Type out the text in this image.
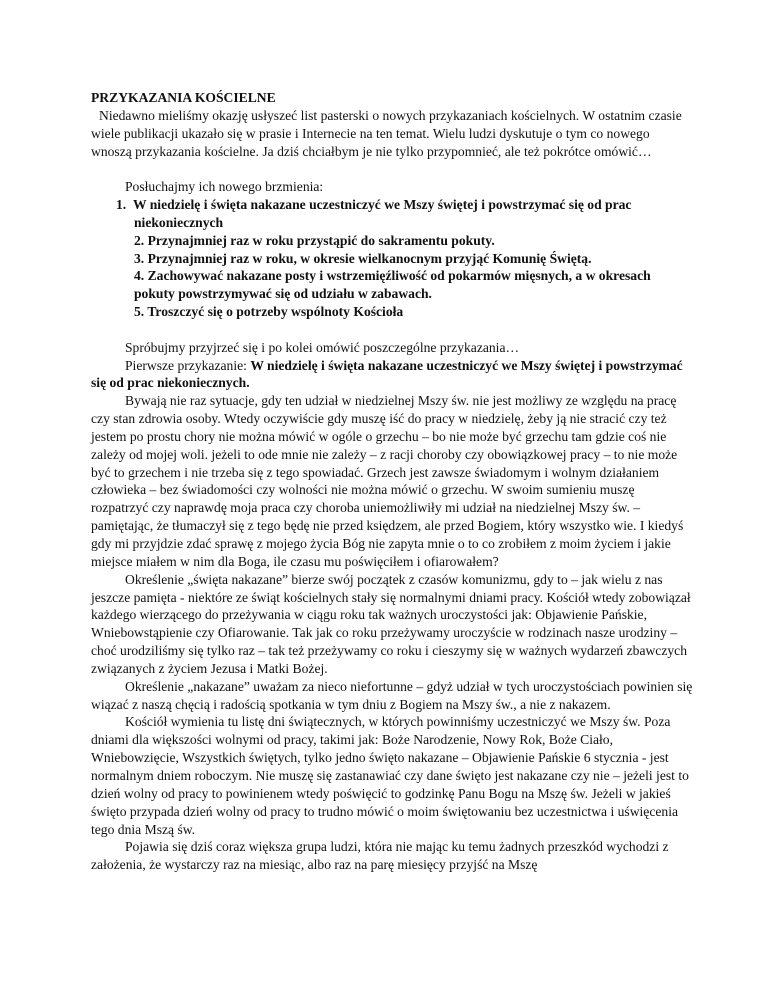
PRZYKAZANIA KOŚCIELNE

Niedawno mieliśmy okazję usłyszeć list pasterski o nowych przykazaniach kościelnych. W ostatnim czasie wiele publikacji ukazało się w prasie i Internecie na ten temat. Wielu ludzi dyskutuje o tym co nowego wnoszą przykazania kościelne. Ja dziś chciałbym je nie tylko przypomnieć, ale też pokrótce omówić…

Posłuchajmy ich nowego brzmienia:

1. W niedzielę i święta nakazane uczestniczyć we Mszy świętej i powstrzymać się od prac niekoniecznych
2. Przynajmniej raz w roku przystąpić do sakramentu pokuty.
3. Przynajmniej raz w roku, w okresie wielkanocnym przyjąć Komunię Świętą.
4. Zachowywać nakazane posty i wstrzemięźliwość od pokarmów mięsnych, a w okresach pokuty powstrzymywać się od udziału w zabawach.
5. Troszczyć się o potrzeby wspólnoty Kościoła

Spróbujmy przyjrzeć się i po kolei omówić poszczególne przykazania…

Pierwsze przykazanie: W niedzielę i święta nakazane uczestniczyć we Mszy świętej i powstrzymać się od prac niekoniecznych.

Bywają nie raz sytuacje, gdy ten udział w niedzielnej Mszy św. nie jest możliwy ze względu na pracę czy stan zdrowia osoby. Wtedy oczywiście gdy muszę iść do pracy w niedzielę, żeby ją nie stracić czy też jestem po prostu chory nie można mówić w ogóle o grzechu – bo nie może być grzechu tam gdzie coś nie zależy od mojej woli. jeżeli to ode mnie nie zależy – z racji choroby czy obowiązkowej pracy – to nie może być to grzechem i nie trzeba się z tego spowiadać. Grzech jest zawsze świadomym i wolnym działaniem człowieka – bez świadomości czy wolności nie można mówić o grzechu. W swoim sumieniu muszę rozpatrzyć czy naprawdę moja praca czy choroba uniemożliwiły mi udział na niedzielnej Mszy św. – pamiętając, że tłumaczył się z tego będę nie przed księdzem, ale przed Bogiem, który wszystko wie. I kiedyś gdy mi przyjdzie zdać sprawę z mojego życia Bóg nie zapyta mnie o to co zrobiłem z moim życiem i jakie miejsce miałem w nim dla Boga, ile czasu mu poświęciłem i ofiarowałem?

Określenie „święta nakazane” bierze swój początek z czasów komunizmu, gdy to – jak wielu z nas jeszcze pamięta - niektóre ze świąt kościelnych stały się normalnymi dniami pracy. Kościół wtedy zobowiązał każdego wierzącego do przeżywania w ciągu roku tak ważnych uroczystości jak: Objawienie Pańskie, Wniebowstąpienie czy Ofiarowanie. Tak jak co roku przeżywamy uroczyście w rodzinach nasze urodziny – choć urodziliśmy się tylko raz – tak też przeżywamy co roku i cieszymy się w ważnych wydarzeń zbawczych związanych z życiem Jezusa i Matki Bożej.

Określenie „nakazane” uważam za nieco niefortunne – gdyż udział w tych uroczystościach powinien się wiązać z naszą chęcią i radością spotkania w tym dniu z Bogiem na Mszy św., a nie z nakazem.

Kościół wymienia tu listę dni świątecznych, w których powinniśmy uczestniczyć we Mszy św. Poza dniami dla większości wolnymi od pracy, takimi jak: Boże Narodzenie, Nowy Rok, Boże Ciało, Wniebowzięcie, Wszystkich świętych, tylko jedno święto nakazane – Objawienie Pańskie 6 stycznia - jest normalnym dniem roboczym. Nie muszę się zastanawiać czy dane święto jest nakazane czy nie – jeżeli jest to dzień wolny od pracy to powinienem wtedy poświęcić to godzinkę Panu Bogu na Mszę św. Jeżeli w jakieś święto przypada dzień wolny od pracy to trudno mówić o moim świętowaniu bez uczestnictwa i uświęcenia tego dnia Mszą św.

Pojawia się dziś coraz większa grupa ludzi, która nie mając ku temu żadnych przeszkód wychodzi z założenia, że wystarczy raz na miesiąc, albo raz na parę miesięcy przyjść na Mszę
